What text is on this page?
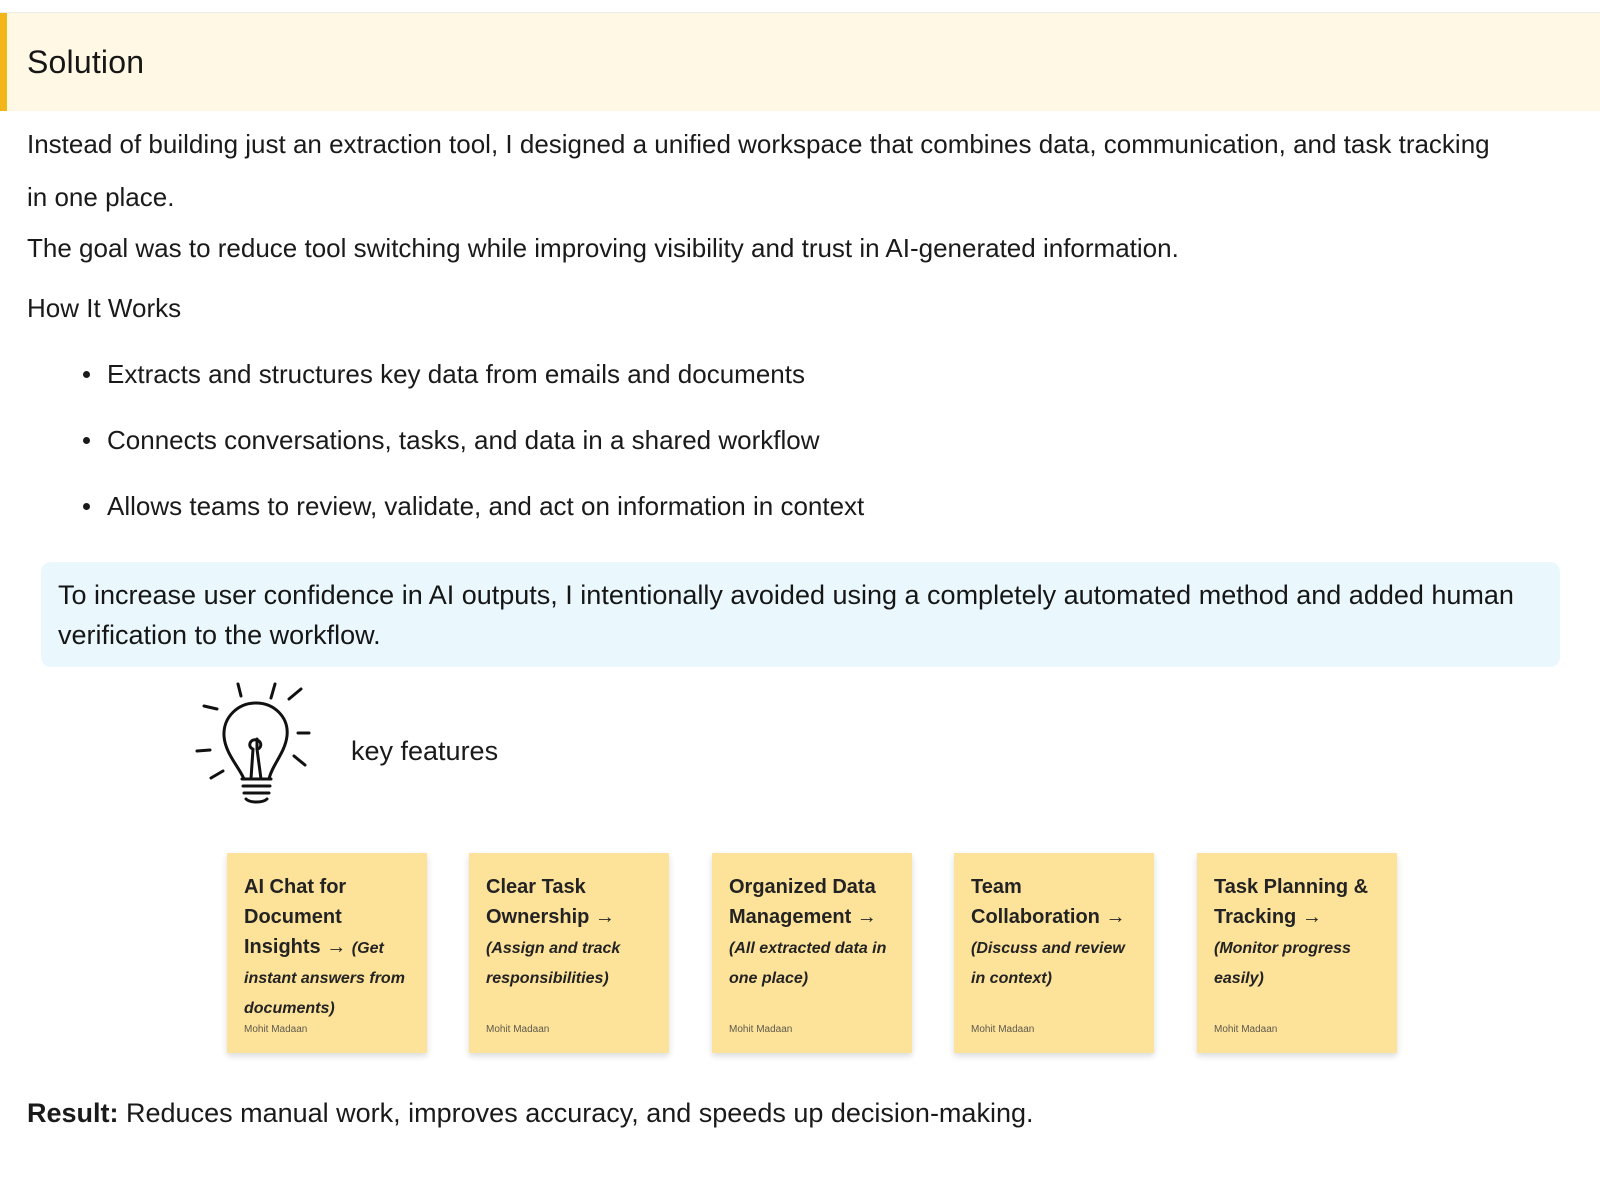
Solution

Instead of building just an extraction tool, I designed a unified workspace that combines data, communication, and task tracking in one place.

The goal was to reduce tool switching while improving visibility and trust in AI-generated information.

How It Works
Extracts and structures key data from emails and documents
Connects conversations, tasks, and data in a shared workflow
Allows teams to review, validate, and act on information in context

To increase user confidence in AI outputs, I intentionally avoided using a completely automated method and added human verification to the workflow.

key features
AI Chat for Document Insights → (Get instant answers from documents)
Mohit Madaan
Clear Task Ownership →
(Assign and track responsibilities)
Mohit Madaan
Organized Data Management →
(All extracted data in one place)
Mohit Madaan
Team Collaboration →
(Discuss and review in context)
Mohit Madaan
Task Planning & Tracking →
(Monitor progress easily)
Mohit Madaan

Result: Reduces manual work, improves accuracy, and speeds up decision-making.
